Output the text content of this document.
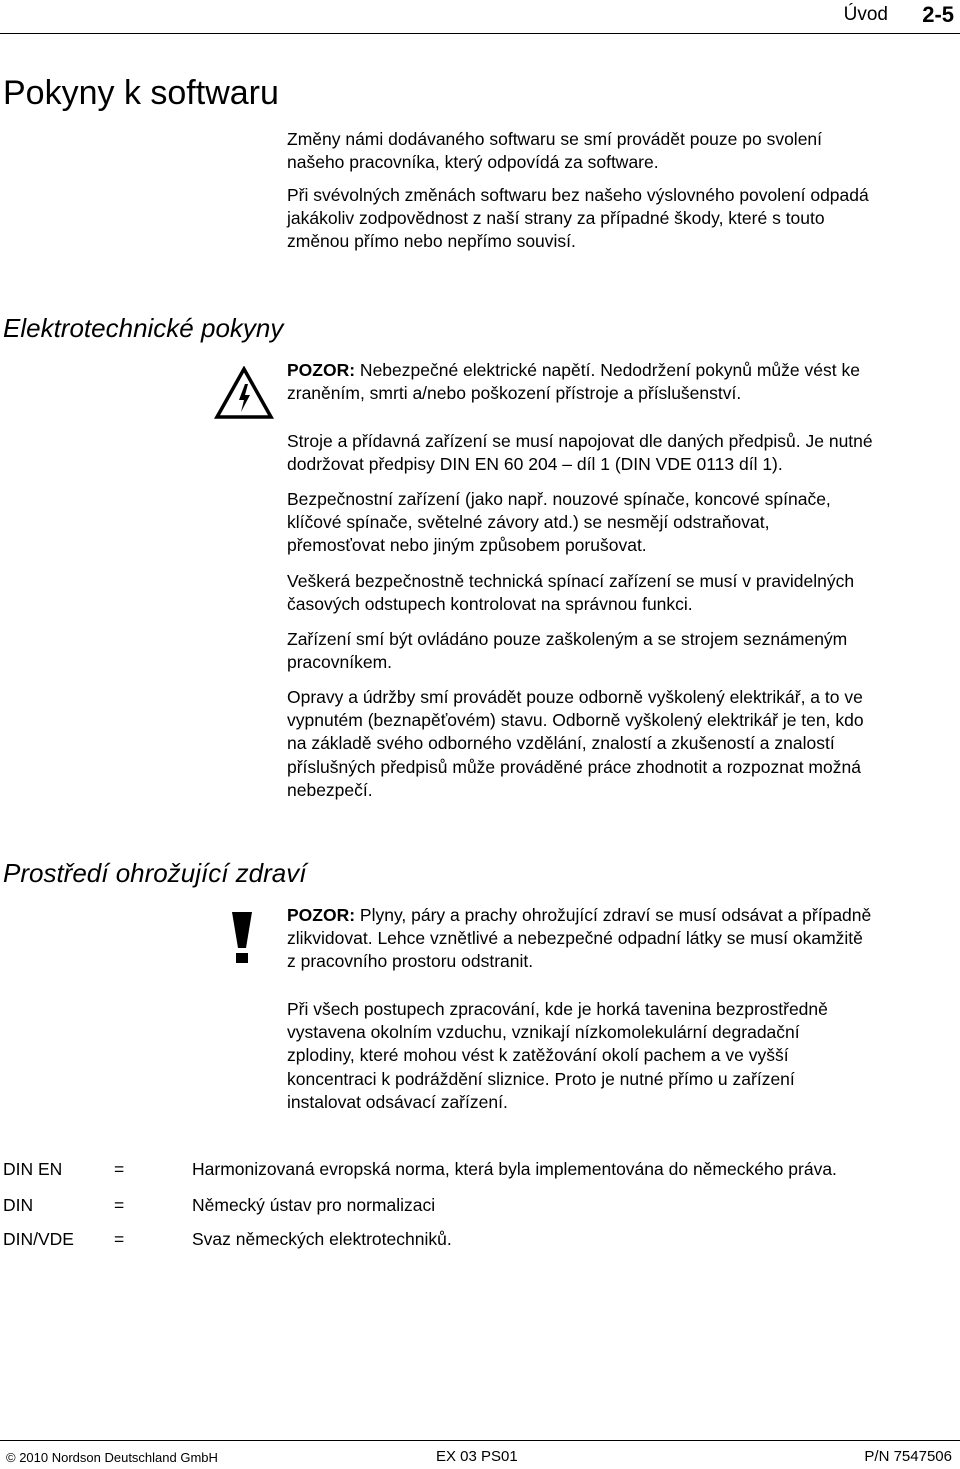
Úvod 2-5
Pokyny k softwaru

Změny námi dodávaného softwaru se smí provádět pouze po svolení
našeho pracovníka, který odpovídá za software.

Při svévolných změnách softwaru bez našeho výslovného povolení odpadá
jakákoliv zodpovědnost z naší strany za případné škody, které s touto
změnou přímo nebo nepřímo souvisí.

Elektrotechnické pokyny

POZOR: Nebezpečné elektrické napětí. Nedodržení pokynů může vést ke
zraněním, smrti a/nebo poškození přístroje a příslušenství.

Stroje a přídavná zařízení se musí napojovat dle daných předpisů. Je nutné
dodržovat předpisy DIN EN 60 204 – díl 1 (DIN VDE 0113 díl 1).

Bezpečnostní zařízení (jako např. nouzové spínače, koncové spínače,
klíčové spínače, světelné závory atd.) se nesmějí odstraňovat,
přemosťovat nebo jiným způsobem porušovat.

Veškerá bezpečnostně technická spínací zařízení se musí v pravidelných
časových odstupech kontrolovat na správnou funkci.

Zařízení smí být ovládáno pouze zaškoleným a se strojem seznámeným
pracovníkem.

Opravy a údržby smí provádět pouze odborně vyškolený elektrikář, a to ve
vypnutém (beznapěťovém) stavu. Odborně vyškolený elektrikář je ten, kdo
na základě svého odborného vzdělání, znalostí a zkušeností a znalostí
příslušných předpisů může prováděné práce zhodnotit a rozpoznat možná
nebezpečí.

Prostředí ohrožující zdraví

POZOR: Plyny, páry a prachy ohrožující zdraví se musí odsávat a případně
zlikvidovat. Lehce vznětlivé a nebezpečné odpadní látky se musí okamžitě
z pracovního prostoru odstranit.

Při všech postupech zpracování, kde je horká tavenina bezprostředně
vystavena okolním vzduchu, vznikají nízkomolekulární degradační
zplodiny, které mohou vést k zatěžování okolí pachem a ve vyšší
koncentraci k podráždění sliznice. Proto je nutné přímo u zařízení
instalovat odsávací zařízení.

DIN EN	=	Harmonizovaná evropská norma, která byla implementována do německého práva.
DIN	=	Německý ústav pro normalizaci
DIN/VDE =	Svaz německých elektrotechniků.
© 2010 Nordson Deutschland GmbH	EX 03 PS01	P/N 7547506
